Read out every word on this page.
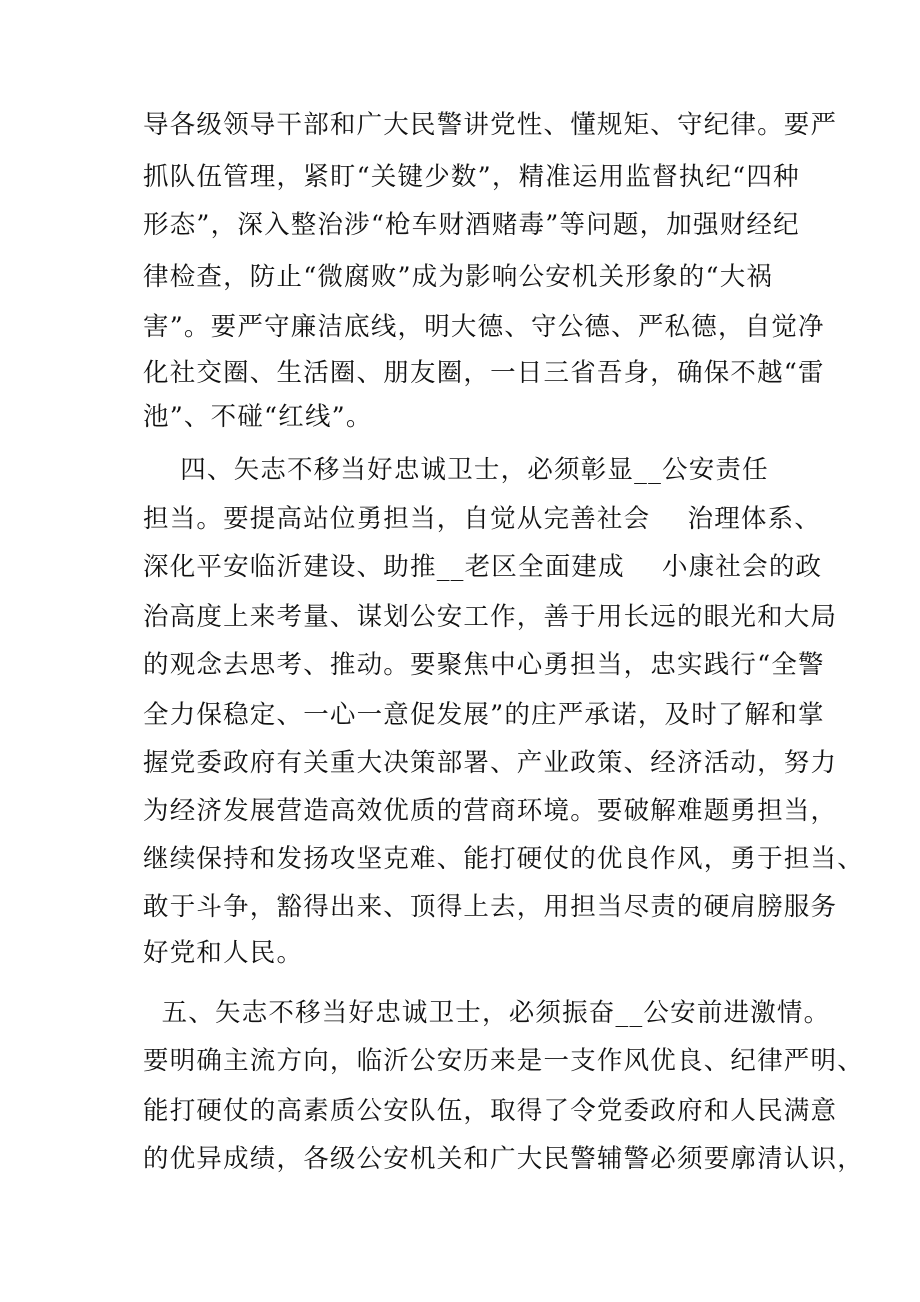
导各级领导干部和广大民警讲党性、懂规矩、守纪律。要严
抓队伍管理，紧盯“关键少数”，精准运用监督执纪“四种
形态”，深入整治涉“枪车财酒赌毒”等问题，加强财经纪
律检查，防止“微腐败”成为影响公安机关形象的“大祸
害”。要严守廉洁底线，明大德、守公德、严私德，自觉净
化社交圈、生活圈、朋友圈，一日三省吾身，确保不越“雷
池”、不碰“红线”。
四、矢志不移当好忠诚卫士，必须彰显__公安责任
担当。要提高站位勇担当，自觉从完善社会    治理体系、
深化平安临沂建设、助推__老区全面建成    小康社会的政
治高度上来考量、谋划公安工作，善于用长远的眼光和大局
的观念去思考、推动。要聚焦中心勇担当，忠实践行“全警
全力保稳定、一心一意促发展”的庄严承诺，及时了解和掌
握党委政府有关重大决策部署、产业政策、经济活动，努力
为经济发展营造高效优质的营商环境。要破解难题勇担当，
继续保持和发扬攻坚克难、能打硬仗的优良作风，勇于担当、
敢于斗争，豁得出来、顶得上去，用担当尽责的硬肩膀服务
好党和人民。
五、矢志不移当好忠诚卫士，必须振奋__公安前进激情。
要明确主流方向，临沂公安历来是一支作风优良、纪律严明、
能打硬仗的高素质公安队伍，取得了令党委政府和人民满意
的优异成绩，各级公安机关和广大民警辅警必须要廓清认识，
